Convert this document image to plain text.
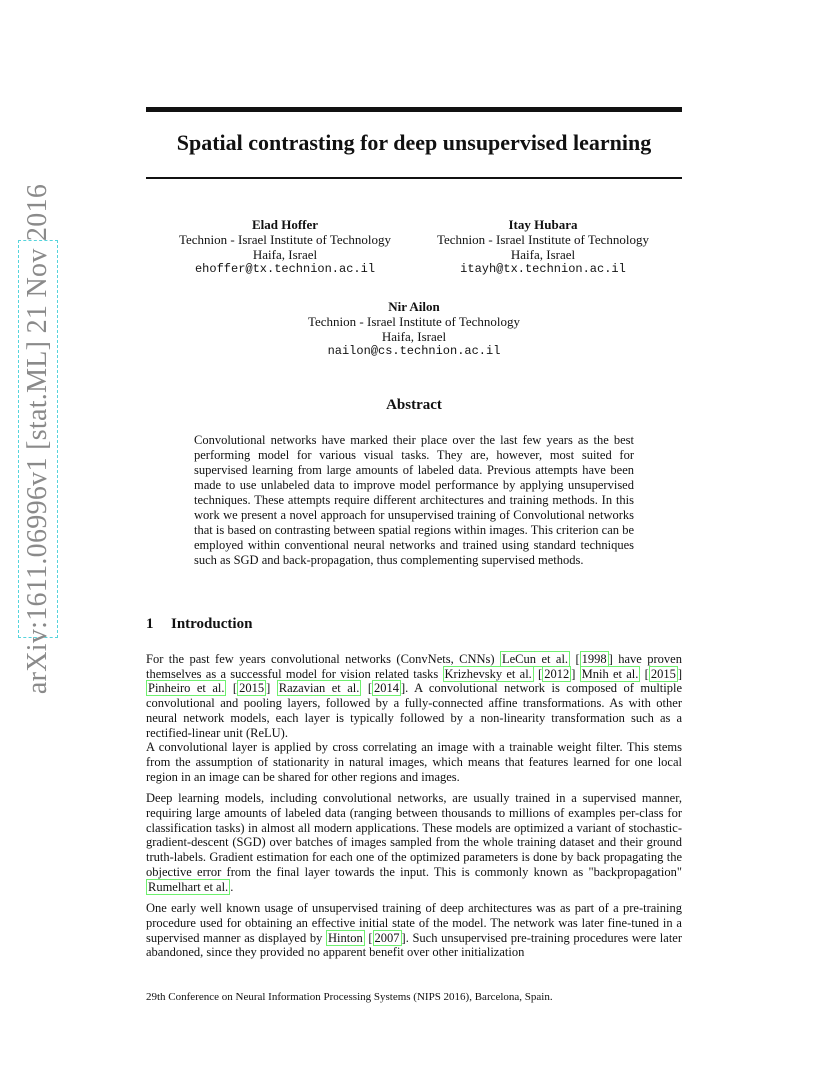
arXiv:1611.06996v1 [stat.ML] 21 Nov 2016
Spatial contrasting for deep unsupervised learning
Elad Hoffer
Technion - Israel Institute of Technology
Haifa, Israel
ehoffer@tx.technion.ac.il
Itay Hubara
Technion - Israel Institute of Technology
Haifa, Israel
itayh@tx.technion.ac.il
Nir Ailon
Technion - Israel Institute of Technology
Haifa, Israel
nailon@cs.technion.ac.il
Abstract
Convolutional networks have marked their place over the last few years as the best performing model for various visual tasks. They are, however, most suited for supervised learning from large amounts of labeled data. Previous attempts have been made to use unlabeled data to improve model performance by applying unsupervised techniques. These attempts require different architectures and training methods. In this work we present a novel approach for unsupervised training of Convolutional networks that is based on contrasting between spatial regions within images. This criterion can be employed within conventional neural networks and trained using standard techniques such as SGD and back-propagation, thus complementing supervised methods.
1 Introduction

For the past few years convolutional networks (ConvNets, CNNs) LeCun et al. [ 1998 ] have proven themselves as a successful model for vision related tasks Krizhevsky et al. [ 2012 ] Mnih et al. [ 2015 ] Pinheiro et al. [ 2015 ] Razavian et al. [ 2014 ]. A convolutional network is composed of multiple convolutional and pooling layers, followed by a fully-connected affine transformations. As with other neural network models, each layer is typically followed by a non-linearity transformation such as a rectified-linear unit (ReLU).

A convolutional layer is applied by cross correlating an image with a trainable weight filter. This stems from the assumption of stationarity in natural images, which means that features learned for one local region in an image can be shared for other regions and images.

Deep learning models, including convolutional networks, are usually trained in a supervised manner, requiring large amounts of labeled data (ranging between thousands to millions of examples per-class for classification tasks) in almost all modern applications. These models are optimized a variant of stochastic-gradient-descent (SGD) over batches of images sampled from the whole training dataset and their ground truth-labels. Gradient estimation for each one of the optimized parameters is done by back propagating the objective error from the final layer towards the input. This is commonly known as "backpropagation" Rumelhart et al. .

One early well known usage of unsupervised training of deep architectures was as part of a pre-training procedure used for obtaining an effective initial state of the model. The network was later fine-tuned in a supervised manner as displayed by Hinton [ 2007 ]. Such unsupervised pre-training procedures were later abandoned, since they provided no apparent benefit over other initialization

29th Conference on Neural Information Processing Systems (NIPS 2016), Barcelona, Spain.
